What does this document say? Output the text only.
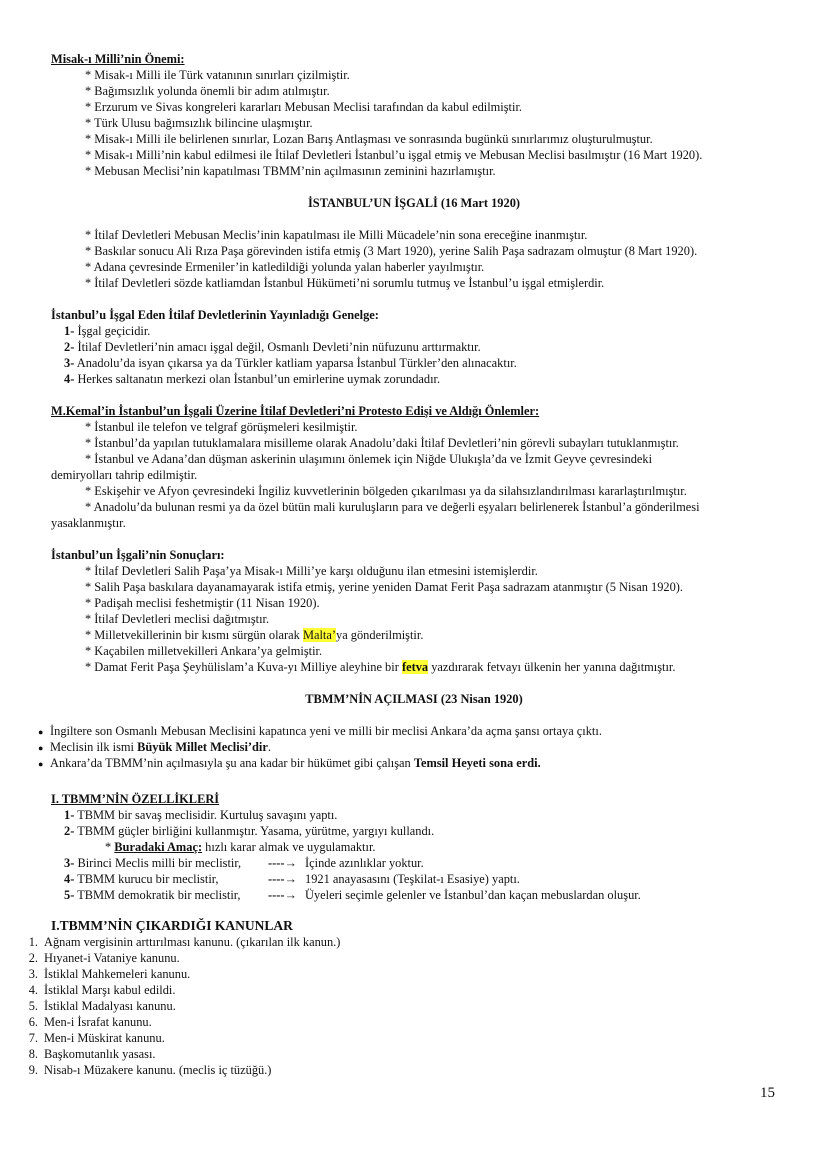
Misak-ı Milli’nin Önemi:
* Misak-ı Milli ile Türk vatanının sınırları çizilmiştir.
* Bağımsızlık yolunda önemli bir adım atılmıştır.
* Erzurum ve Sivas kongreleri kararları Mebusan Meclisi tarafından da kabul edilmiştir.
* Türk Ulusu bağımsızlık bilincine ulaşmıştır.
* Misak-ı Milli ile belirlenen sınırlar, Lozan Barış Antlaşması ve sonrasında bugünkü sınırlarımız oluşturulmuştur.
* Misak-ı Milli’nin kabul edilmesi ile İtilaf Devletleri İstanbul’u işgal etmiş ve Mebusan Meclisi basılmıştır (16 Mart 1920).
* Mebusan Meclisi’nin kapatılması TBMM’nin açılmasının zeminini hazırlamıştır.
İSTANBUL’UN İŞGALİ (16 Mart 1920)
* İtilaf Devletleri Mebusan Meclis’inin kapatılması ile Milli Mücadele’nin sona ereceğine inanmıştır.
* Baskılar sonucu Ali Rıza Paşa görevinden istifa etmiş (3 Mart 1920), yerine Salih Paşa sadrazam olmuştur (8 Mart 1920).
* Adana çevresinde Ermeniler’in katledildiği yolunda yalan haberler yayılmıştır.
* İtilaf Devletleri sözde katliamdan İstanbul Hükümeti’ni sorumlu tutmuş ve İstanbul’u işgal etmişlerdir.
İstanbul’u İşgal Eden İtilaf Devletlerinin Yayınladığı Genelge:
1- İşgal geçicidir.
2- İtilaf Devletleri’nin amacı işgal değil, Osmanlı Devleti’nin nüfuzunu arttırmaktır.
3- Anadolu’da isyan çıkarsa ya da Türkler katliam yaparsa İstanbul Türkler’den alınacaktır.
4- Herkes saltanatın merkezi olan İstanbul’un emirlerine uymak zorundadır.
M.Kemal’in İstanbul’un İşgali Üzerine İtilaf Devletleri’ni Protesto Edişi ve Aldığı Önlemler:
* İstanbul ile telefon ve telgraf görüşmeleri kesilmiştir.
* İstanbul’da yapılan tutuklamalara misilleme olarak Anadolu’daki İtilaf Devletleri’nin görevli subayları tutuklanmıştır.
* İstanbul ve Adana’dan düşman askerinin ulaşımını önlemek için Niğde Ulukışla’da ve İzmit Geyve çevresindeki
demiryolları tahrip edilmiştir.
* Eskişehir ve Afyon çevresindeki İngiliz kuvvetlerinin bölgeden çıkarılması ya da silahsızlandırılması kararlaştırılmıştır.
* Anadolu’da bulunan resmi ya da özel bütün mali kuruluşların para ve değerli eşyaları belirlenerek İstanbul’a gönderilmesi
yasaklanmıştır.
İstanbul’un İşgali’nin Sonuçları:
* İtilaf Devletleri Salih Paşa’ya Misak-ı Milli’ye karşı olduğunu ilan etmesini istemişlerdir.
* Salih Paşa baskılara dayanamayarak istifa etmiş, yerine yeniden Damat Ferit Paşa sadrazam atanmıştır (5 Nisan 1920).
* Padişah meclisi feshetmiştir (11 Nisan 1920).
* İtilaf Devletleri meclisi dağıtmıştır.
* Milletvekillerinin bir kısmı sürgün olarak Malta’ya gönderilmiştir.
* Kaçabilen milletvekilleri Ankara’ya gelmiştir.
* Damat Ferit Paşa Şeyhülislam’a Kuva-yı Milliye aleyhine bir fetva yazdırarak fetvayı ülkenin her yanına dağıtmıştır.
TBMM’NİN AÇILMASI (23 Nisan 1920)
● İngiltere son Osmanlı Mebusan Meclisini kapatınca yeni ve milli bir meclisi Ankara’da açma şansı ortaya çıktı.
● Meclisin ilk ismi Büyük Millet Meclisi’dir.
● Ankara’da TBMM’nin açılmasıyla şu ana kadar bir hükümet gibi çalışan Temsil Heyeti sona erdi.
I. TBMM’NİN ÖZELLİKLERİ
1- TBMM bir savaş meclisidir. Kurtuluş savaşını yaptı.
2- TBMM güçler birliğini kullanmıştır. Yasama, yürütme, yargıyı kullandı.
* Buradaki Amaç: hızlı karar almak ve uygulamaktır.
3- Birinci Meclis milli bir meclistir, ----→ İçinde azınlıklar yoktur.
4- TBMM kurucu bir meclistir,	----→ 1921 anayasasını (Teşkilat-ı Esasiye) yaptı.
5- TBMM demokratik bir meclistir, ----→ Üyeleri seçimle gelenler ve İstanbul’dan kaçan mebuslardan oluşur.
I.TBMM’NİN ÇIKARDIĞI KANUNLAR
1. Ağnam vergisinin arttırılması kanunu. (çıkarılan ilk kanun.)
2. Hıyanet-i Vataniye kanunu.
3. İstiklal Mahkemeleri kanunu.
4. İstiklal Marşı kabul edildi.
5. İstiklal Madalyası kanunu.
6. Men-i İsrafat kanunu.
7. Men-i Müskirat kanunu.
8. Başkomutanlık yasası.
9. Nisab-ı Müzakere kanunu. (meclis iç tüzüğü.)
15
